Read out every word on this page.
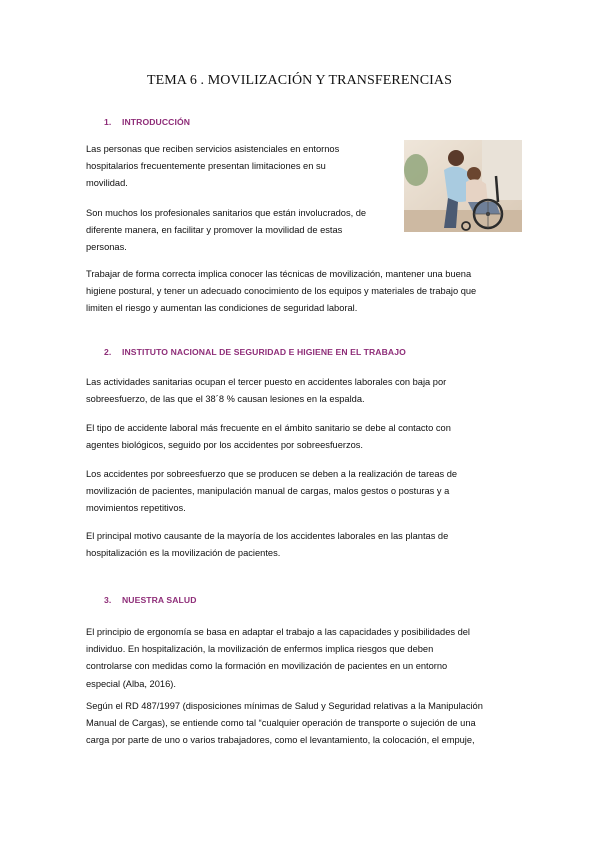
TEMA 6 . MOVILIZACIÓN Y TRANSFERENCIAS
1. INTRODUCCIÓN
Las personas que reciben servicios asistenciales en entornos
hospitalarios frecuentemente presentan limitaciones en su
movilidad.
Son muchos los profesionales sanitarios que están involucrados, de
diferente manera, en facilitar y promover la movilidad de estas
personas.
Trabajar de forma correcta implica conocer las técnicas de movilización, mantener una buena
higiene postural, y tener un adecuado conocimiento de los equipos y materiales de trabajo que
limiten el riesgo y aumentan las condiciones de seguridad laboral.
2. INSTITUTO NACIONAL DE SEGURIDAD E HIGIENE EN EL TRABAJO
Las actividades sanitarias ocupan el tercer puesto en accidentes laborales con baja por
sobreesfuerzo, de las que el 38´8 % causan lesiones en la espalda.
El tipo de accidente laboral más frecuente en el ámbito sanitario se debe al contacto con
agentes biológicos, seguido por los accidentes por sobreesfuerzos.
Los accidentes por sobreesfuerzo que se producen se deben a la realización de tareas de
movilización de pacientes, manipulación manual de cargas, malos gestos o posturas y a
movimientos repetitivos.
El principal motivo causante de la mayoría de los accidentes laborales en las plantas de
hospitalización es la movilización de pacientes.
3. NUESTRA SALUD
El principio de ergonomía se basa en adaptar el trabajo a las capacidades y posibilidades del
individuo. En hospitalización, la movilización de enfermos implica riesgos que deben
controlarse con medidas como la formación en movilización de pacientes en un entorno
especial (Alba, 2016).
Según el RD 487/1997 (disposiciones mínimas de Salud y Seguridad relativas a la Manipulación
Manual de Cargas), se entiende como tal “cualquier operación de transporte o sujeción de una
carga por parte de uno o varios trabajadores, como el levantamiento, la colocación, el empuje,
